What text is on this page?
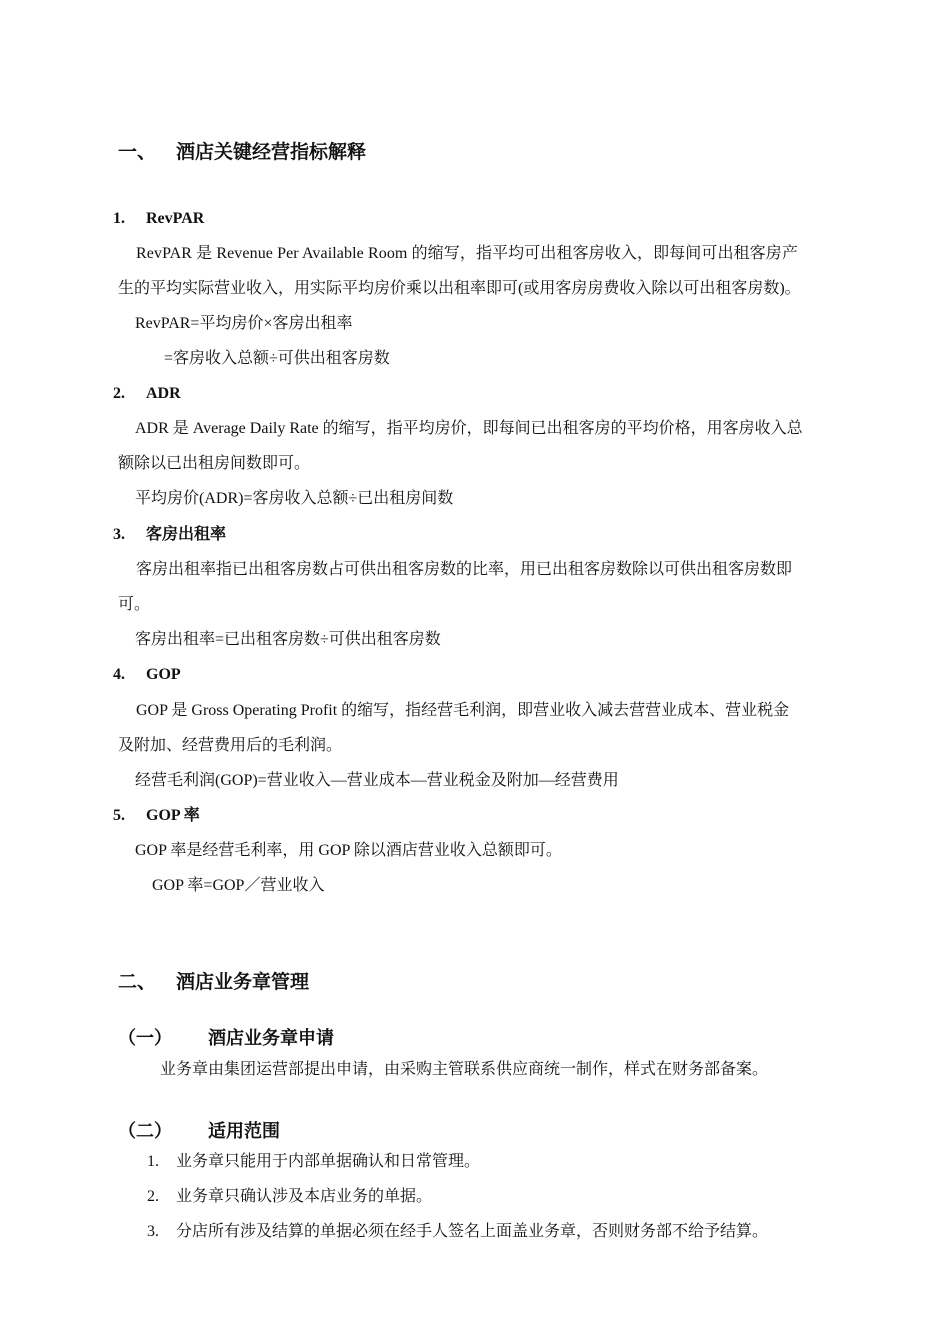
一、 酒店关键经营指标解释
1. RevPAR
RevPAR 是 Revenue Per Available Room 的缩写，指平均可出租客房收入，即每间可出租客房产
生的平均实际营业收入，用实际平均房价乘以出租率即可(或用客房房费收入除以可出租客房数)。
RevPAR=平均房价×客房出租率
=客房收入总额÷可供出租客房数
2. ADR
ADR 是 Average Daily Rate 的缩写，指平均房价，即每间已出租客房的平均价格，用客房收入总
额除以已出租房间数即可。
平均房价(ADR)=客房收入总额÷已出租房间数
3. 客房出租率
客房出租率指已出租客房数占可供出租客房数的比率，用已出租客房数除以可供出租客房数即
可。
客房出租率=已出租客房数÷可供出租客房数
4. GOP
GOP 是 Gross Operating Profit 的缩写，指经营毛利润，即营业收入减去营营业成本、营业税金
及附加、经营费用后的毛利润。
经营毛利润(GOP)=营业收入—营业成本—营业税金及附加—经营费用
5. GOP 率
GOP 率是经营毛利率，用 GOP 除以酒店营业收入总额即可。
GOP 率=GOP／营业收入
二、 酒店业务章管理
（一） 酒店业务章申请
业务章由集团运营部提出申请，由采购主管联系供应商统一制作，样式在财务部备案。
（二） 适用范围
1. 业务章只能用于内部单据确认和日常管理。
2. 业务章只确认涉及本店业务的单据。
3. 分店所有涉及结算的单据必须在经手人签名上面盖业务章，否则财务部不给予结算。
